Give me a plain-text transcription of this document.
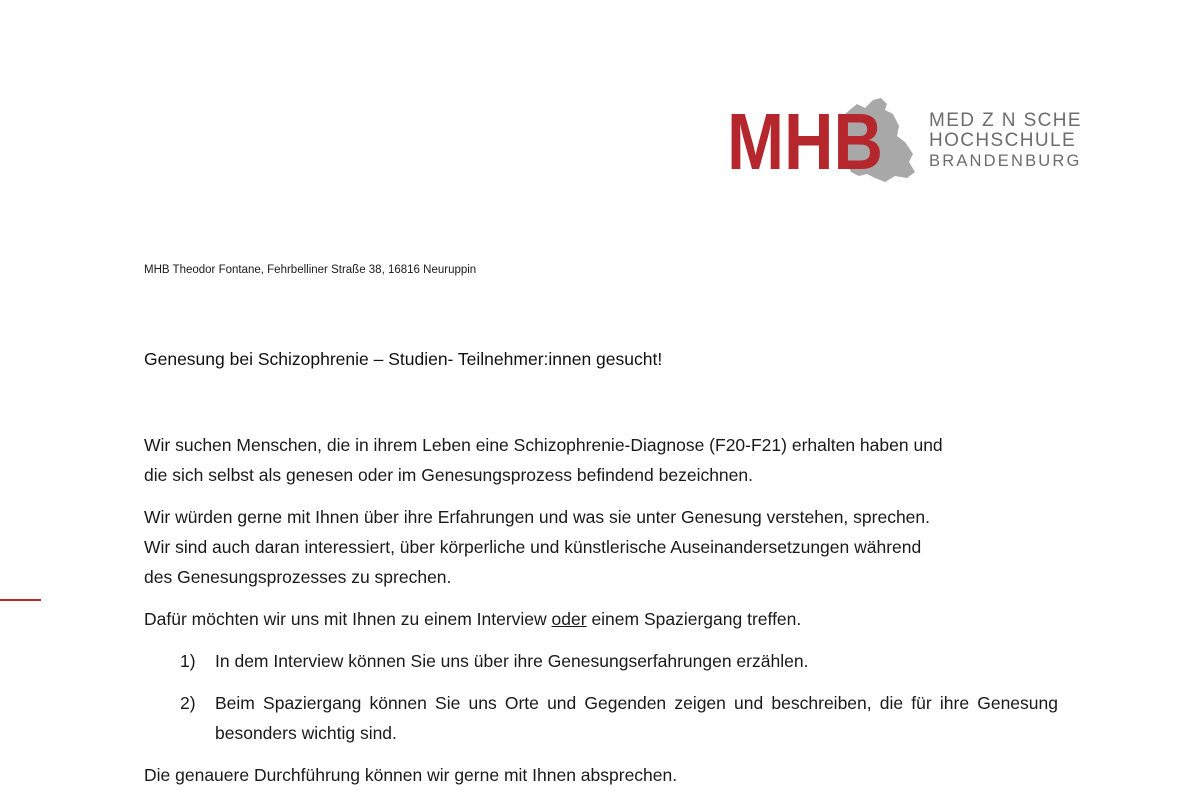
MHB MED Z N SCHE
HOCHSCHULE
BRANDENBURG
MHB Theodor Fontane, Fehrbelliner Straße 38, 16816 Neuruppin
Genesung bei Schizophrenie – Studien- Teilnehmer:innen gesucht!

Wir suchen Menschen, die in ihrem Leben eine Schizophrenie-Diagnose (F20-F21) erhalten haben und
die sich selbst als genesen oder im Genesungsprozess befindend bezeichnen.

Wir würden gerne mit Ihnen über ihre Erfahrungen und was sie unter Genesung verstehen, sprechen.
Wir sind auch daran interessiert, über körperliche und künstlerische Auseinandersetzungen während
des Genesungsprozesses zu sprechen.

Dafür möchten wir uns mit Ihnen zu einem Interview oder einem Spaziergang treffen.

1) In dem Interview können Sie uns über ihre Genesungserfahrungen erzählen.
2) Beim Spaziergang können Sie uns Orte und Gegenden zeigen und beschreiben, die für ihre Genesung besonders wichtig sind.

Die genauere Durchführung können wir gerne mit Ihnen absprechen.
